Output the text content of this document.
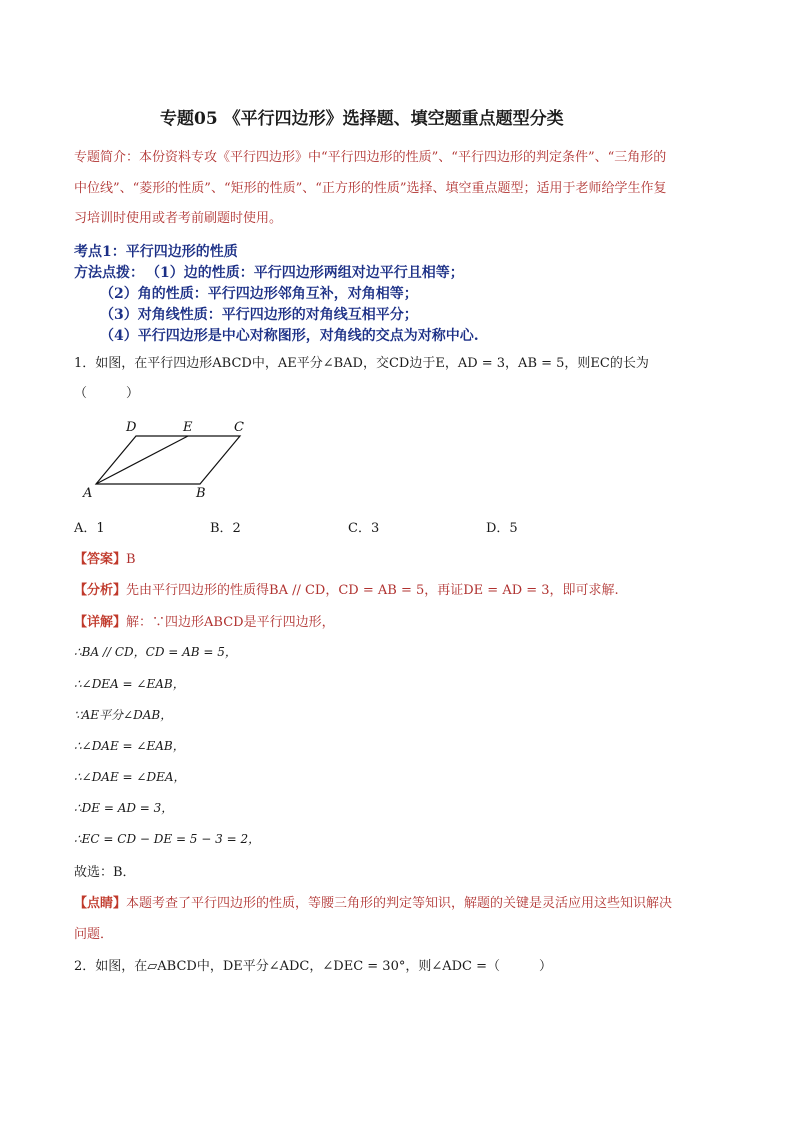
专题05 《平行四边形》选择题、填空题重点题型分类
专题简介：本份资料专攻《平行四边形》中“平行四边形的性质”、“平行四边形的判定条件”、“三角形的
中位线”、“菱形的性质”、“矩形的性质”、“正方形的性质”选择、填空重点题型；适用于老师给学生作复
习培训时使用或者考前刷题时使用。
考点1：平行四边形的性质
方法点拨： （1）边的性质：平行四边形两组对边平行且相等；
（2）角的性质：平行四边形邻角互补，对角相等；
（3）对角线性质：平行四边形的对角线互相平分；
（4）平行四边形是中心对称图形，对角线的交点为对称中心.
1．如图，在平行四边形ABCD中，AE平分∠BAD，交CD边于E，AD = 3，AB = 5，则EC的长为
（　　　）
A	B
C
D	E
A．1	B．2	C．3	D．5
【答案】B
【分析】先由平行四边形的性质得BA // CD，CD = AB = 5，再证DE = AD = 3，即可求解.
【详解】解：∵四边形ABCD是平行四边形，
∴BA // CD，CD = AB = 5，
∴∠DEA = ∠EAB，
∵AE平分∠DAB，
∴∠DAE = ∠EAB，
∴∠DAE = ∠DEA，
∴DE = AD = 3，
∴EC = CD − DE = 5 − 3 = 2，
故选：B．
【点睛】本题考查了平行四边形的性质，等腰三角形的判定等知识，解题的关键是灵活应用这些知识解决
问题．
2．如图，在▱ABCD中，DE平分∠ADC，∠DEC = 30°，则∠ADC =（　　　）
